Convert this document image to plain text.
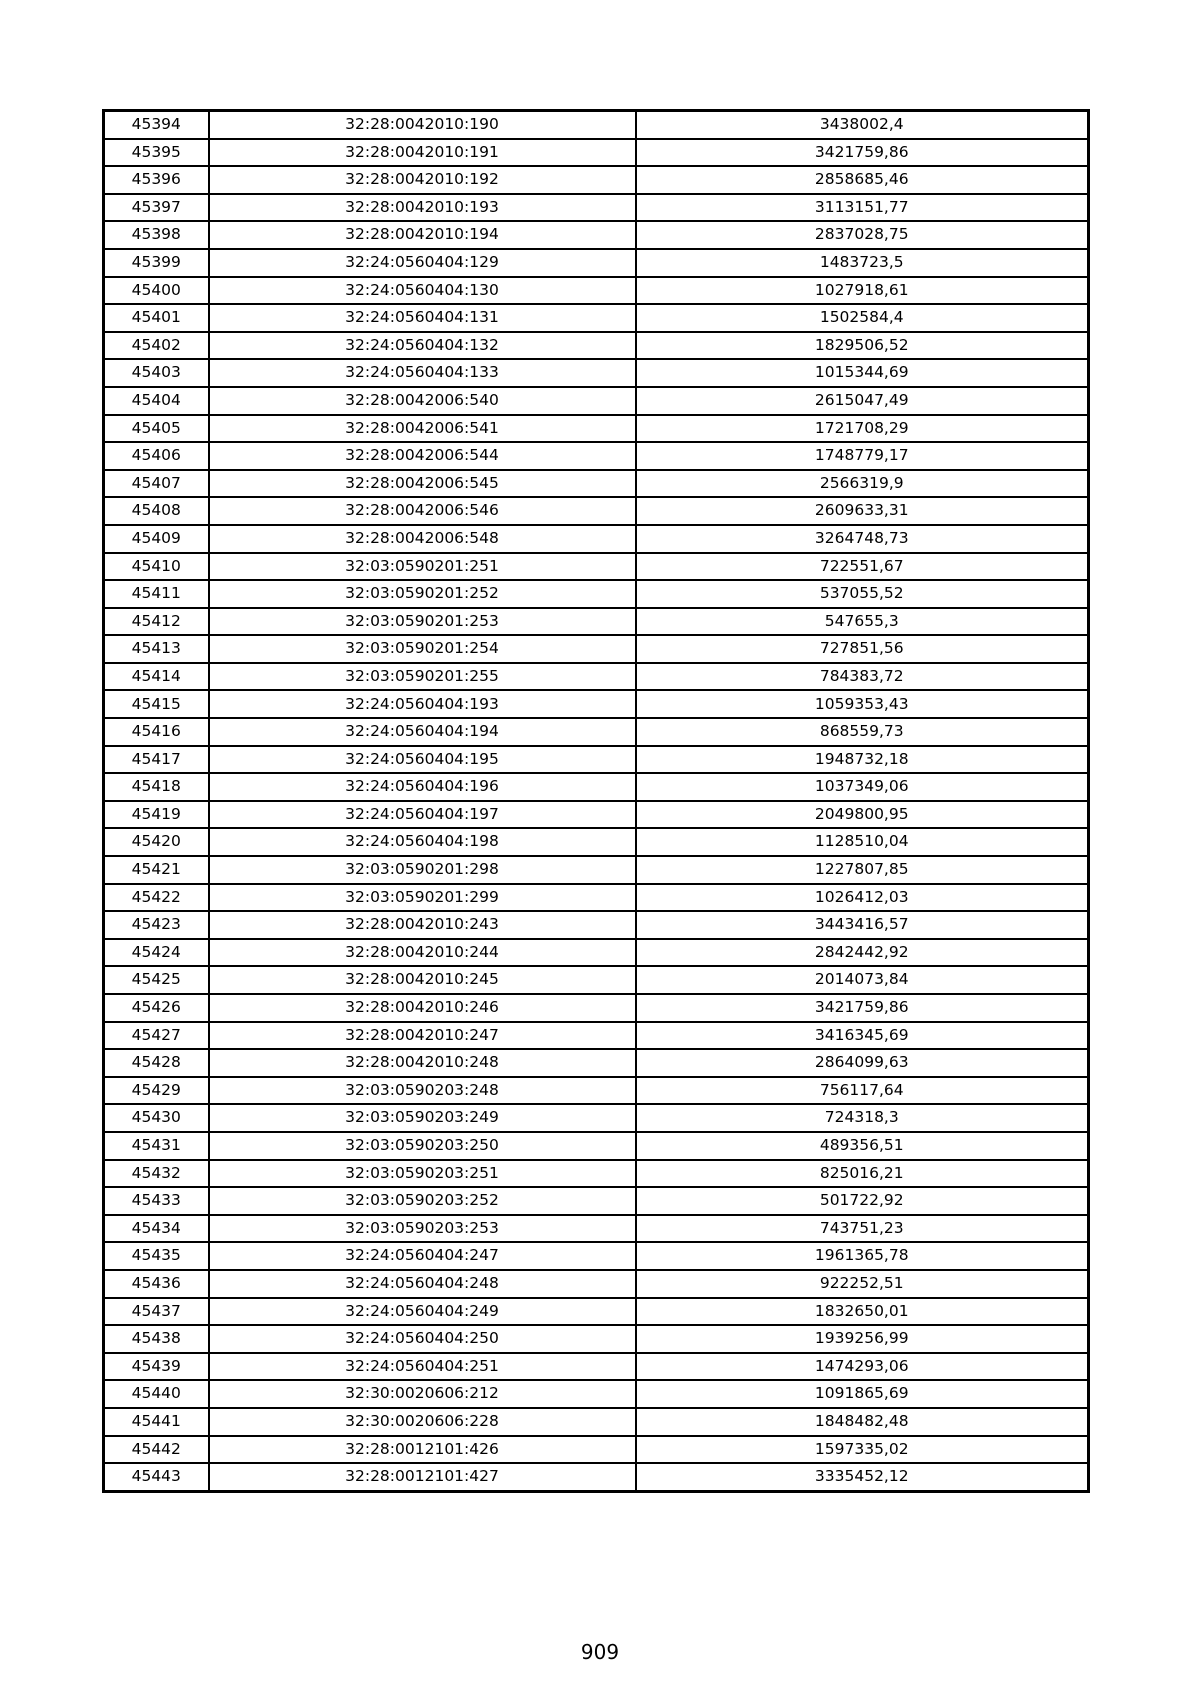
45394	32:28:0042010:190	3438002,4
45395	32:28:0042010:191	3421759,86
45396	32:28:0042010:192	2858685,46
45397	32:28:0042010:193	3113151,77
45398	32:28:0042010:194	2837028,75
45399	32:24:0560404:129	1483723,5
45400	32:24:0560404:130	1027918,61
45401	32:24:0560404:131	1502584,4
45402	32:24:0560404:132	1829506,52
45403	32:24:0560404:133	1015344,69
45404	32:28:0042006:540	2615047,49
45405	32:28:0042006:541	1721708,29
45406	32:28:0042006:544	1748779,17
45407	32:28:0042006:545	2566319,9
45408	32:28:0042006:546	2609633,31
45409	32:28:0042006:548	3264748,73
45410	32:03:0590201:251	722551,67
45411	32:03:0590201:252	537055,52
45412	32:03:0590201:253	547655,3
45413	32:03:0590201:254	727851,56
45414	32:03:0590201:255	784383,72
45415	32:24:0560404:193	1059353,43
45416	32:24:0560404:194	868559,73
45417	32:24:0560404:195	1948732,18
45418	32:24:0560404:196	1037349,06
45419	32:24:0560404:197	2049800,95
45420	32:24:0560404:198	1128510,04
45421	32:03:0590201:298	1227807,85
45422	32:03:0590201:299	1026412,03
45423	32:28:0042010:243	3443416,57
45424	32:28:0042010:244	2842442,92
45425	32:28:0042010:245	2014073,84
45426	32:28:0042010:246	3421759,86
45427	32:28:0042010:247	3416345,69
45428	32:28:0042010:248	2864099,63
45429	32:03:0590203:248	756117,64
45430	32:03:0590203:249	724318,3
45431	32:03:0590203:250	489356,51
45432	32:03:0590203:251	825016,21
45433	32:03:0590203:252	501722,92
45434	32:03:0590203:253	743751,23
45435	32:24:0560404:247	1961365,78
45436	32:24:0560404:248	922252,51
45437	32:24:0560404:249	1832650,01
45438	32:24:0560404:250	1939256,99
45439	32:24:0560404:251	1474293,06
45440	32:30:0020606:212	1091865,69
45441	32:30:0020606:228	1848482,48
45442	32:28:0012101:426	1597335,02
45443	32:28:0012101:427	3335452,12
909
